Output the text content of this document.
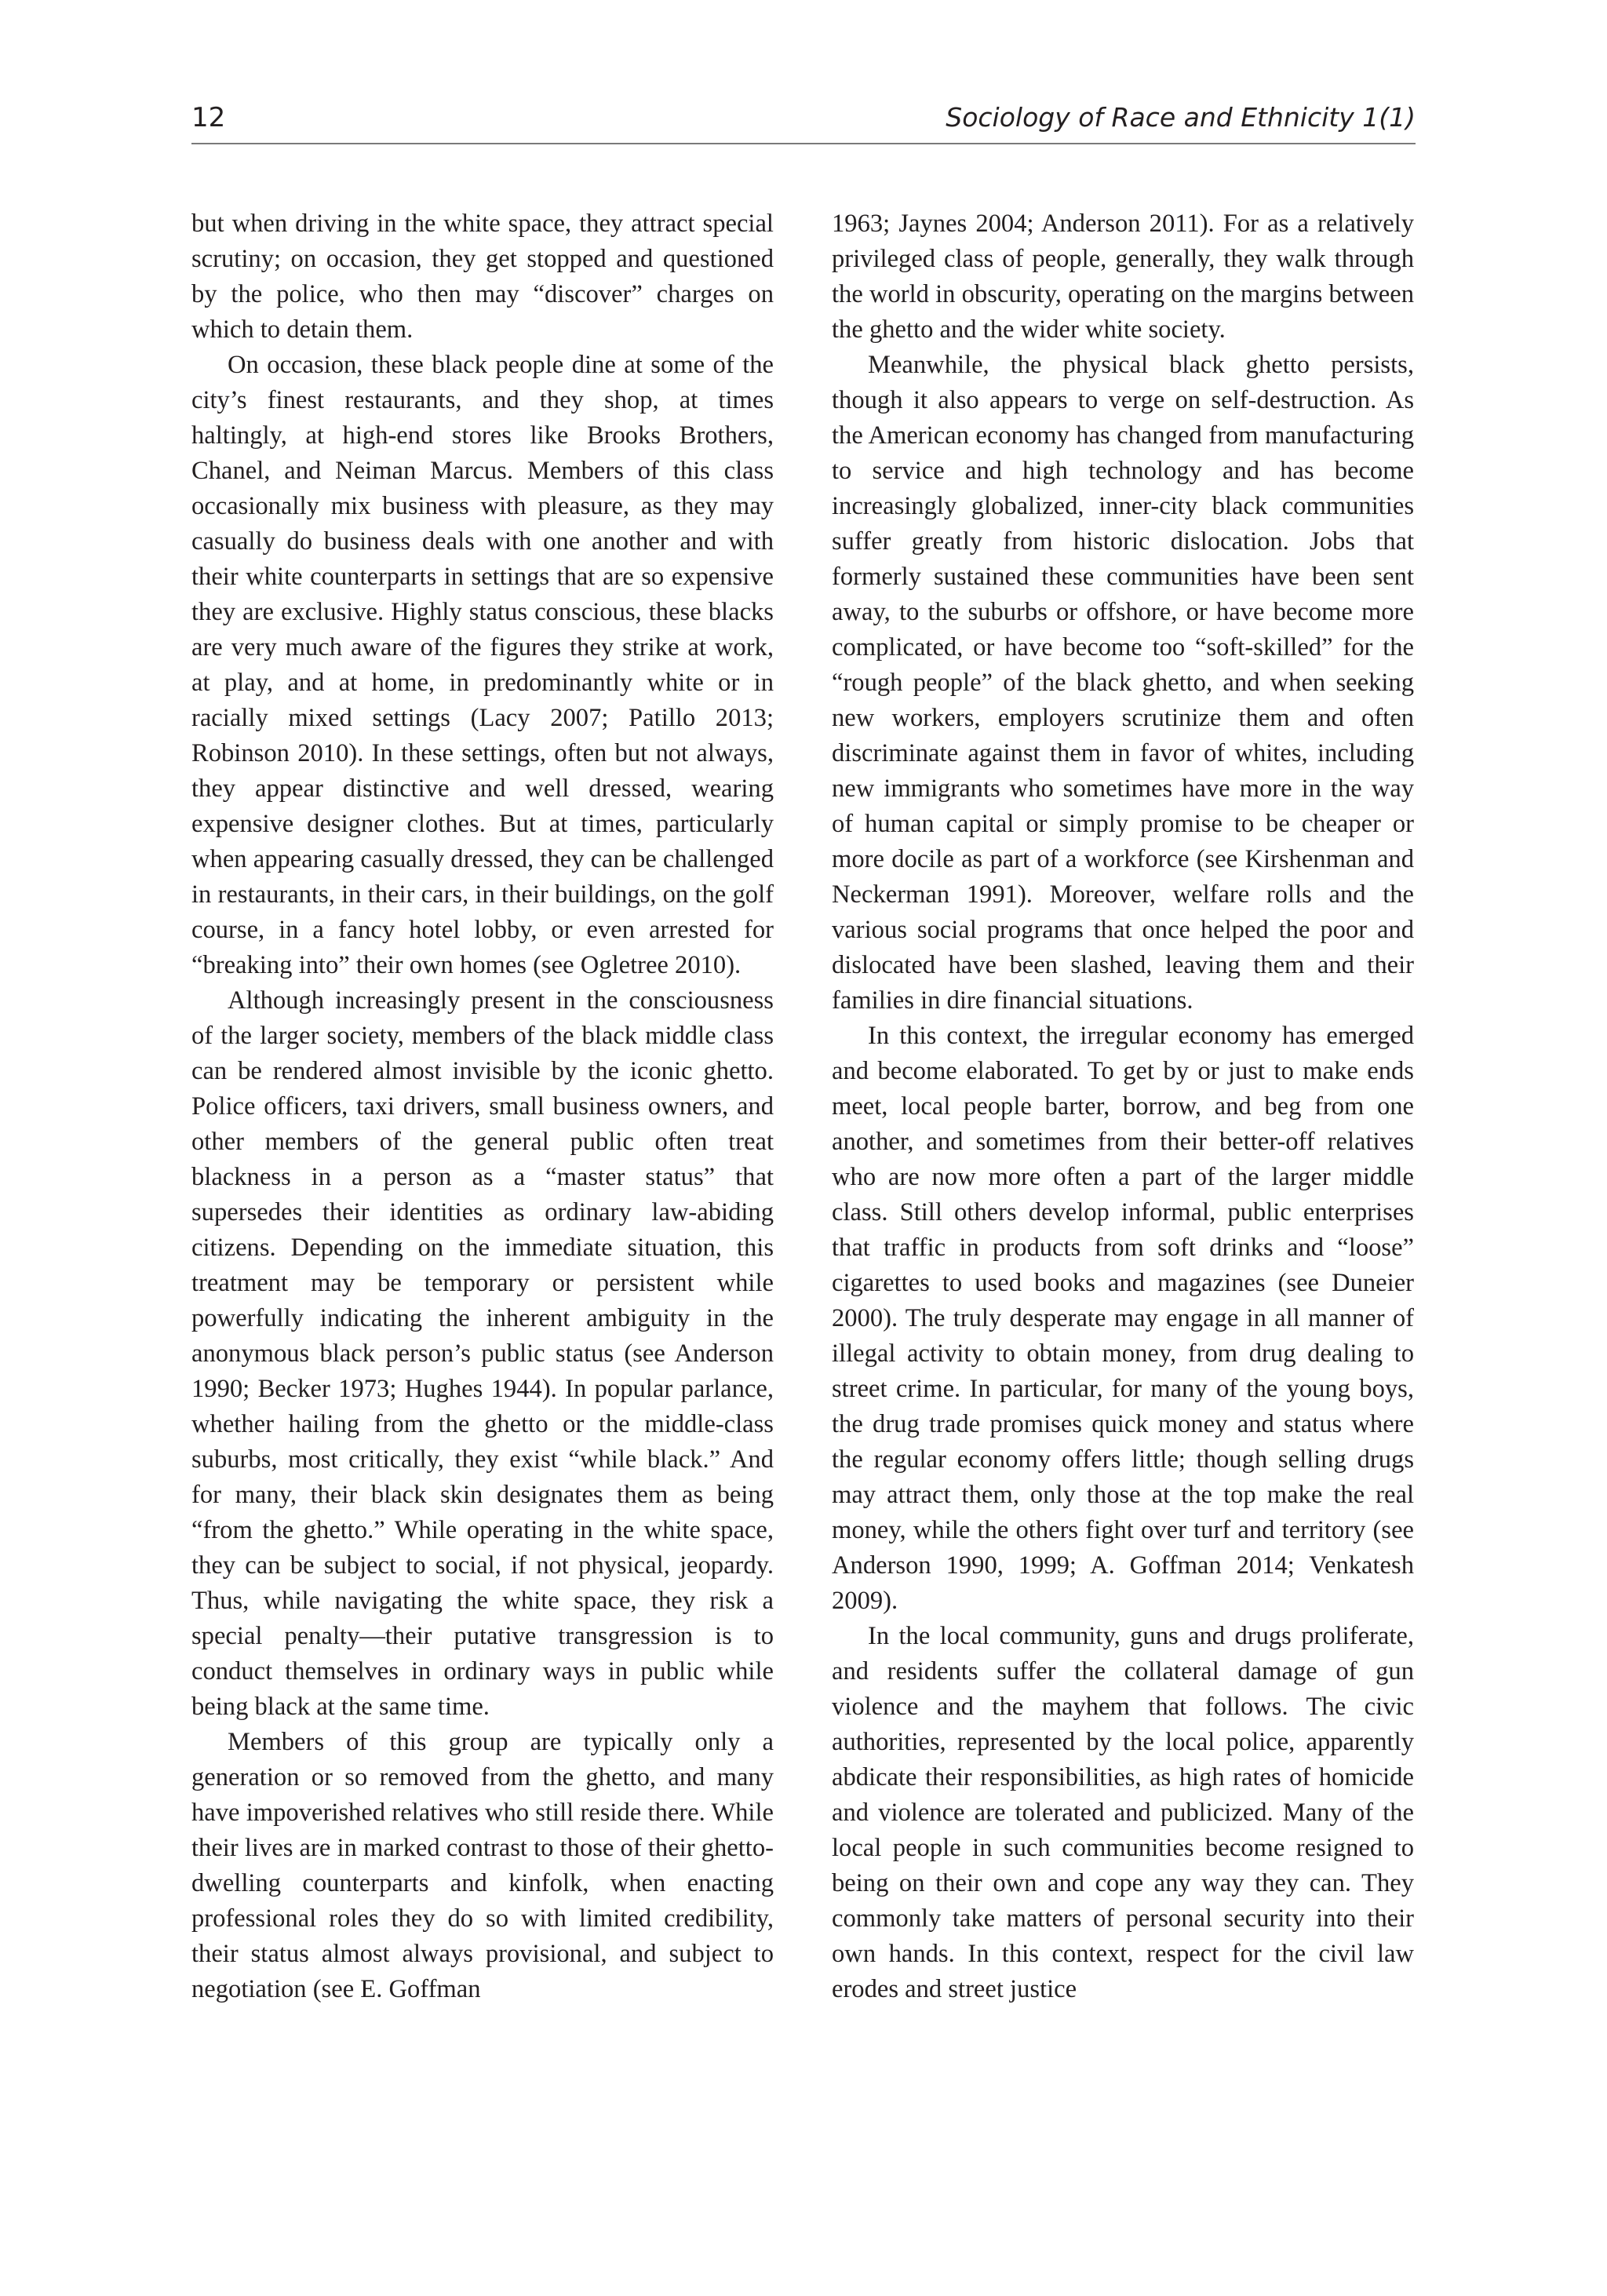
12	Sociology of Race and Ethnicity 1(1)

but when driving in the white space, they attract special scrutiny; on occasion, they get stopped and questioned by the police, who then may “discover” charges on which to detain them.

On occasion, these black people dine at some of the city’s finest restaurants, and they shop, at times haltingly, at high-end stores like Brooks Brothers, Chanel, and Neiman Marcus. Members of this class occasionally mix business with pleasure, as they may casually do business deals with one another and with their white counterparts in settings that are so expensive they are exclusive. Highly status conscious, these blacks are very much aware of the figures they strike at work, at play, and at home, in predominantly white or in racially mixed settings (Lacy 2007; Patillo 2013; Robinson 2010). In these settings, often but not always, they appear distinctive and well dressed, wearing expensive designer clothes. But at times, particularly when appearing casually dressed, they can be challenged in restaurants, in their cars, in their buildings, on the golf course, in a fancy hotel lobby, or even arrested for “breaking into” their own homes (see Ogletree 2010).

Although increasingly present in the consciousness of the larger society, members of the black middle class can be rendered almost invisible by the iconic ghetto. Police officers, taxi drivers, small business owners, and other members of the general public often treat blackness in a person as a “master status” that supersedes their identities as ordinary law-abiding citizens. Depending on the immediate situation, this treatment may be temporary or persistent while powerfully indicating the inherent ambiguity in the anonymous black person’s public status (see Anderson 1990; Becker 1973; Hughes 1944). In popular parlance, whether hailing from the ghetto or the middle-class suburbs, most critically, they exist “while black.” And for many, their black skin designates them as being “from the ghetto.” While operating in the white space, they can be subject to social, if not physical, jeopardy. Thus, while navigating the white space, they risk a special penalty—their putative transgression is to conduct themselves in ordinary ways in public while being black at the same time.

Members of this group are typically only a generation or so removed from the ghetto, and many have impoverished relatives who still reside there. While their lives are in marked contrast to those of their ghetto-dwelling counterparts and kinfolk, when enacting professional roles they do so with limited credibility, their status almost always provisional, and subject to negotiation (see E. Goffman

1963; Jaynes 2004; Anderson 2011). For as a relatively privileged class of people, generally, they walk through the world in obscurity, operating on the margins between the ghetto and the wider white society.

Meanwhile, the physical black ghetto persists, though it also appears to verge on self-destruction. As the American economy has changed from manufacturing to service and high technology and has become increasingly globalized, inner-city black communities suffer greatly from historic dislocation. Jobs that formerly sustained these communities have been sent away, to the suburbs or offshore, or have become more complicated, or have become too “soft-skilled” for the “rough people” of the black ghetto, and when seeking new workers, employers scrutinize them and often discriminate against them in favor of whites, including new immigrants who sometimes have more in the way of human capital or simply promise to be cheaper or more docile as part of a workforce (see Kirshenman and Neckerman 1991). Moreover, welfare rolls and the various social programs that once helped the poor and dislocated have been slashed, leaving them and their families in dire financial situations.

In this context, the irregular economy has emerged and become elaborated. To get by or just to make ends meet, local people barter, borrow, and beg from one another, and sometimes from their better-off relatives who are now more often a part of the larger middle class. Still others develop informal, public enterprises that traffic in products from soft drinks and “loose” cigarettes to used books and magazines (see Duneier 2000). The truly desperate may engage in all manner of illegal activity to obtain money, from drug dealing to street crime. In particular, for many of the young boys, the drug trade promises quick money and status where the regular economy offers little; though selling drugs may attract them, only those at the top make the real money, while the others fight over turf and territory (see Anderson 1990, 1999; A. Goffman 2014; Venkatesh 2009).

In the local community, guns and drugs proliferate, and residents suffer the collateral damage of gun violence and the mayhem that follows. The civic authorities, represented by the local police, apparently abdicate their responsibilities, as high rates of homicide and violence are tolerated and publicized. Many of the local people in such communities become resigned to being on their own and cope any way they can. They commonly take matters of personal security into their own hands. In this context, respect for the civil law erodes and street justice
